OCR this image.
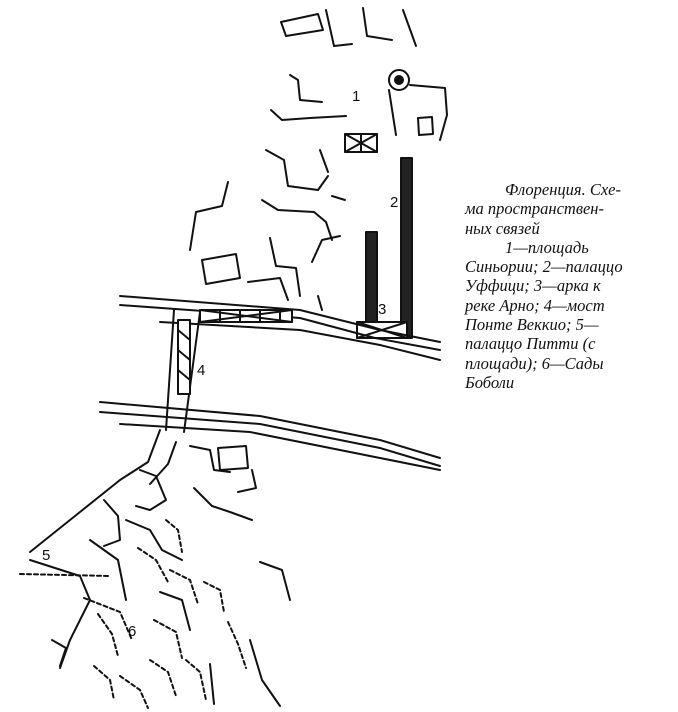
1
2
3
4
5
6
Флоренция. Схе-
ма пространствен-
ных связей
1—площадь
Синьории; 2—палаццо
Уффици; 3—арка к
реке Арно; 4—мост
Понте Веккио; 5—
палаццо Питти (с
площади); 6—Сады
Боболи
